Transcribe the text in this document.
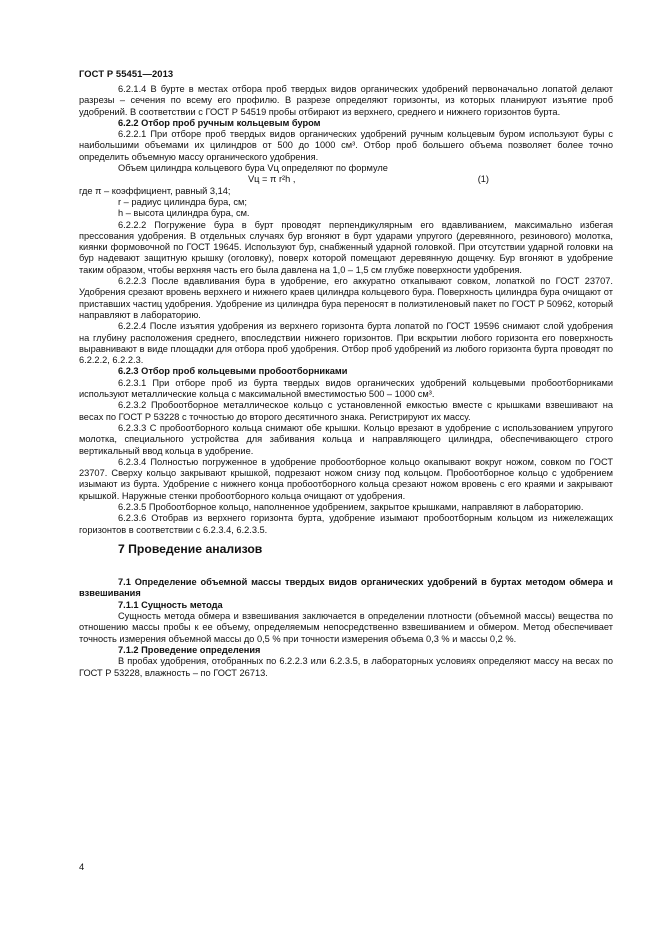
ГОСТ Р 55451—2013

6.2.1.4 В бурте в местах отбора проб твердых видов органических удобрений первоначально лопатой делают разрезы – сечения по всему его профилю. В разрезе определяют горизонты, из которых планируют изъятие проб удобрений. В соответствии с ГОСТ Р 54519 пробы отбирают из верхнего, среднего и нижнего горизонтов бурта.

6.2.2 Отбор проб ручным кольцевым буром

6.2.2.1 При отборе проб твердых видов органических удобрений ручным кольцевым буром используют буры с наибольшими объемами их цилиндров от 500 до 1000 см³. Отбор проб большего объема позволяет более точно определить объемную массу органического удобрения.

Объем цилиндра кольцевого бура Vц определяют по формуле

Vц = π r²h ,	(1)

где π – коэффициент, равный 3,14;

r – радиус цилиндра бура, см;

h – высота цилиндра бура, см.

6.2.2.2 Погружение бура в бурт проводят перпендикулярным его вдавливанием, максимально избегая прессования удобрения. В отдельных случаях бур вгоняют в бурт ударами упругого (деревянного, резинового) молотка, киянки формовочной по ГОСТ 19645. Используют бур, снабженный ударной головкой. При отсутствии ударной головки на бур надевают защитную крышку (оголовку), поверх которой помещают деревянную дощечку. Бур вгоняют в удобрение таким образом, чтобы верхняя часть его была давлена на 1,0 – 1,5 см глубже поверхности удобрения.

6.2.2.3 После вдавливания бура в удобрение, его аккуратно откапывают совком, лопаткой по ГОСТ 23707. Удобрения срезают вровень верхнего и нижнего краев цилиндра кольцевого бура. Поверхность цилиндра бура очищают от приставших частиц удобрения. Удобрение из цилиндра бура переносят в полиэтиленовый пакет по ГОСТ Р 50962, который направляют в лабораторию.

6.2.2.4 После изъятия удобрения из верхнего горизонта бурта лопатой по ГОСТ 19596 снимают слой удобрения на глубину расположения среднего, впоследствии нижнего горизонтов. При вскрытии любого горизонта его поверхность выравнивают в виде площадки для отбора проб удобрения. Отбор проб удобрений из любого горизонта бурта проводят по 6.2.2.2, 6.2.2.3.

6.2.3 Отбор проб кольцевыми пробоотборниками

6.2.3.1 При отборе проб из бурта твердых видов органических удобрений кольцевыми пробоотборниками используют металлические кольца с максимальной вместимостью 500 – 1000 см³.

6.2.3.2 Пробоотборное металлическое кольцо с установленной емкостью вместе с крышками взвешивают на весах по ГОСТ Р 53228 с точностью до второго десятичного знака. Регистрируют их массу.

6.2.3.3 С пробоотборного кольца снимают обе крышки. Кольцо врезают в удобрение с использованием упругого молотка, специального устройства для забивания кольца и направляющего цилиндра, обеспечивающего строго вертикальный ввод кольца в удобрение.

6.2.3.4 Полностью погруженное в удобрение пробоотборное кольцо окапывают вокруг ножом, совком по ГОСТ 23707. Сверху кольцо закрывают крышкой, подрезают ножом снизу под кольцом. Пробоотборное кольцо с удобрением изымают из бурта. Удобрение с нижнего конца пробоотборного кольца срезают ножом вровень с его краями и закрывают крышкой. Наружные стенки пробоотборного кольца очищают от удобрения.

6.2.3.5 Пробоотборное кольцо, наполненное удобрением, закрытое крышками, направляют в лабораторию.

6.2.3.6 Отобрав из верхнего горизонта бурта, удобрение изымают пробоотборным кольцом из нижележащих горизонтов в соответствии с 6.2.3.4, 6.2.3.5.

7 Проведение анализов

7.1 Определение объемной массы твердых видов органических удобрений в буртах методом обмера и взвешивания

7.1.1 Сущность метода

Сущность метода обмера и взвешивания заключается в определении плотности (объемной массы) вещества по отношению массы пробы к ее объему, определяемым непосредственно взвешиванием и обмером. Метод обеспечивает точность измерения объемной массы до 0,5 % при точности измерения объема 0,3 % и массы 0,2 %.

7.1.2 Проведение определения

В пробах удобрения, отобранных по 6.2.2.3 или 6.2.3.5, в лабораторных условиях определяют массу на весах по ГОСТ Р 53228, влажность – по ГОСТ 26713.

4
